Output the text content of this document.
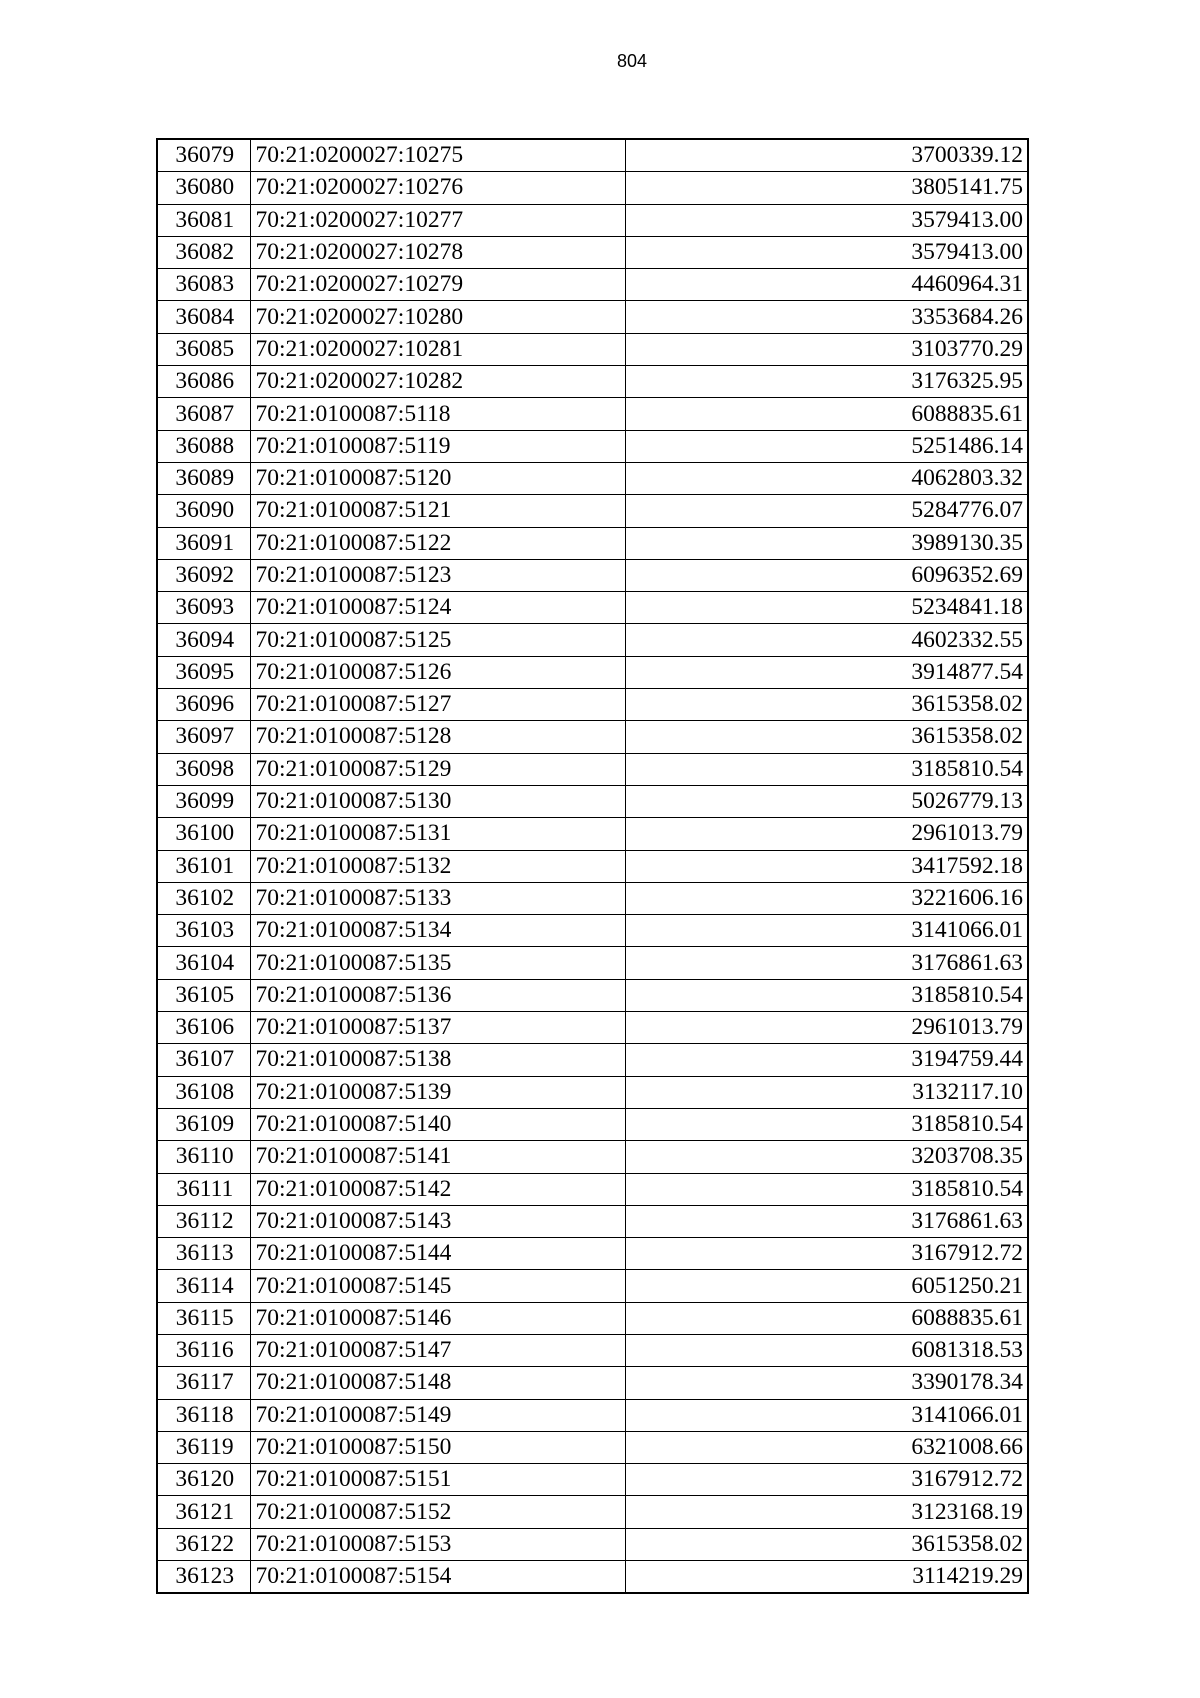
804
36079	70:21:0200027:10275	3700339.12
36080	70:21:0200027:10276	3805141.75
36081	70:21:0200027:10277	3579413.00
36082	70:21:0200027:10278	3579413.00
36083	70:21:0200027:10279	4460964.31
36084	70:21:0200027:10280	3353684.26
36085	70:21:0200027:10281	3103770.29
36086	70:21:0200027:10282	3176325.95
36087	70:21:0100087:5118	6088835.61
36088	70:21:0100087:5119	5251486.14
36089	70:21:0100087:5120	4062803.32
36090	70:21:0100087:5121	5284776.07
36091	70:21:0100087:5122	3989130.35
36092	70:21:0100087:5123	6096352.69
36093	70:21:0100087:5124	5234841.18
36094	70:21:0100087:5125	4602332.55
36095	70:21:0100087:5126	3914877.54
36096	70:21:0100087:5127	3615358.02
36097	70:21:0100087:5128	3615358.02
36098	70:21:0100087:5129	3185810.54
36099	70:21:0100087:5130	5026779.13
36100	70:21:0100087:5131	2961013.79
36101	70:21:0100087:5132	3417592.18
36102	70:21:0100087:5133	3221606.16
36103	70:21:0100087:5134	3141066.01
36104	70:21:0100087:5135	3176861.63
36105	70:21:0100087:5136	3185810.54
36106	70:21:0100087:5137	2961013.79
36107	70:21:0100087:5138	3194759.44
36108	70:21:0100087:5139	3132117.10
36109	70:21:0100087:5140	3185810.54
36110	70:21:0100087:5141	3203708.35
36111	70:21:0100087:5142	3185810.54
36112	70:21:0100087:5143	3176861.63
36113	70:21:0100087:5144	3167912.72
36114	70:21:0100087:5145	6051250.21
36115	70:21:0100087:5146	6088835.61
36116	70:21:0100087:5147	6081318.53
36117	70:21:0100087:5148	3390178.34
36118	70:21:0100087:5149	3141066.01
36119	70:21:0100087:5150	6321008.66
36120	70:21:0100087:5151	3167912.72
36121	70:21:0100087:5152	3123168.19
36122	70:21:0100087:5153	3615358.02
36123	70:21:0100087:5154	3114219.29
